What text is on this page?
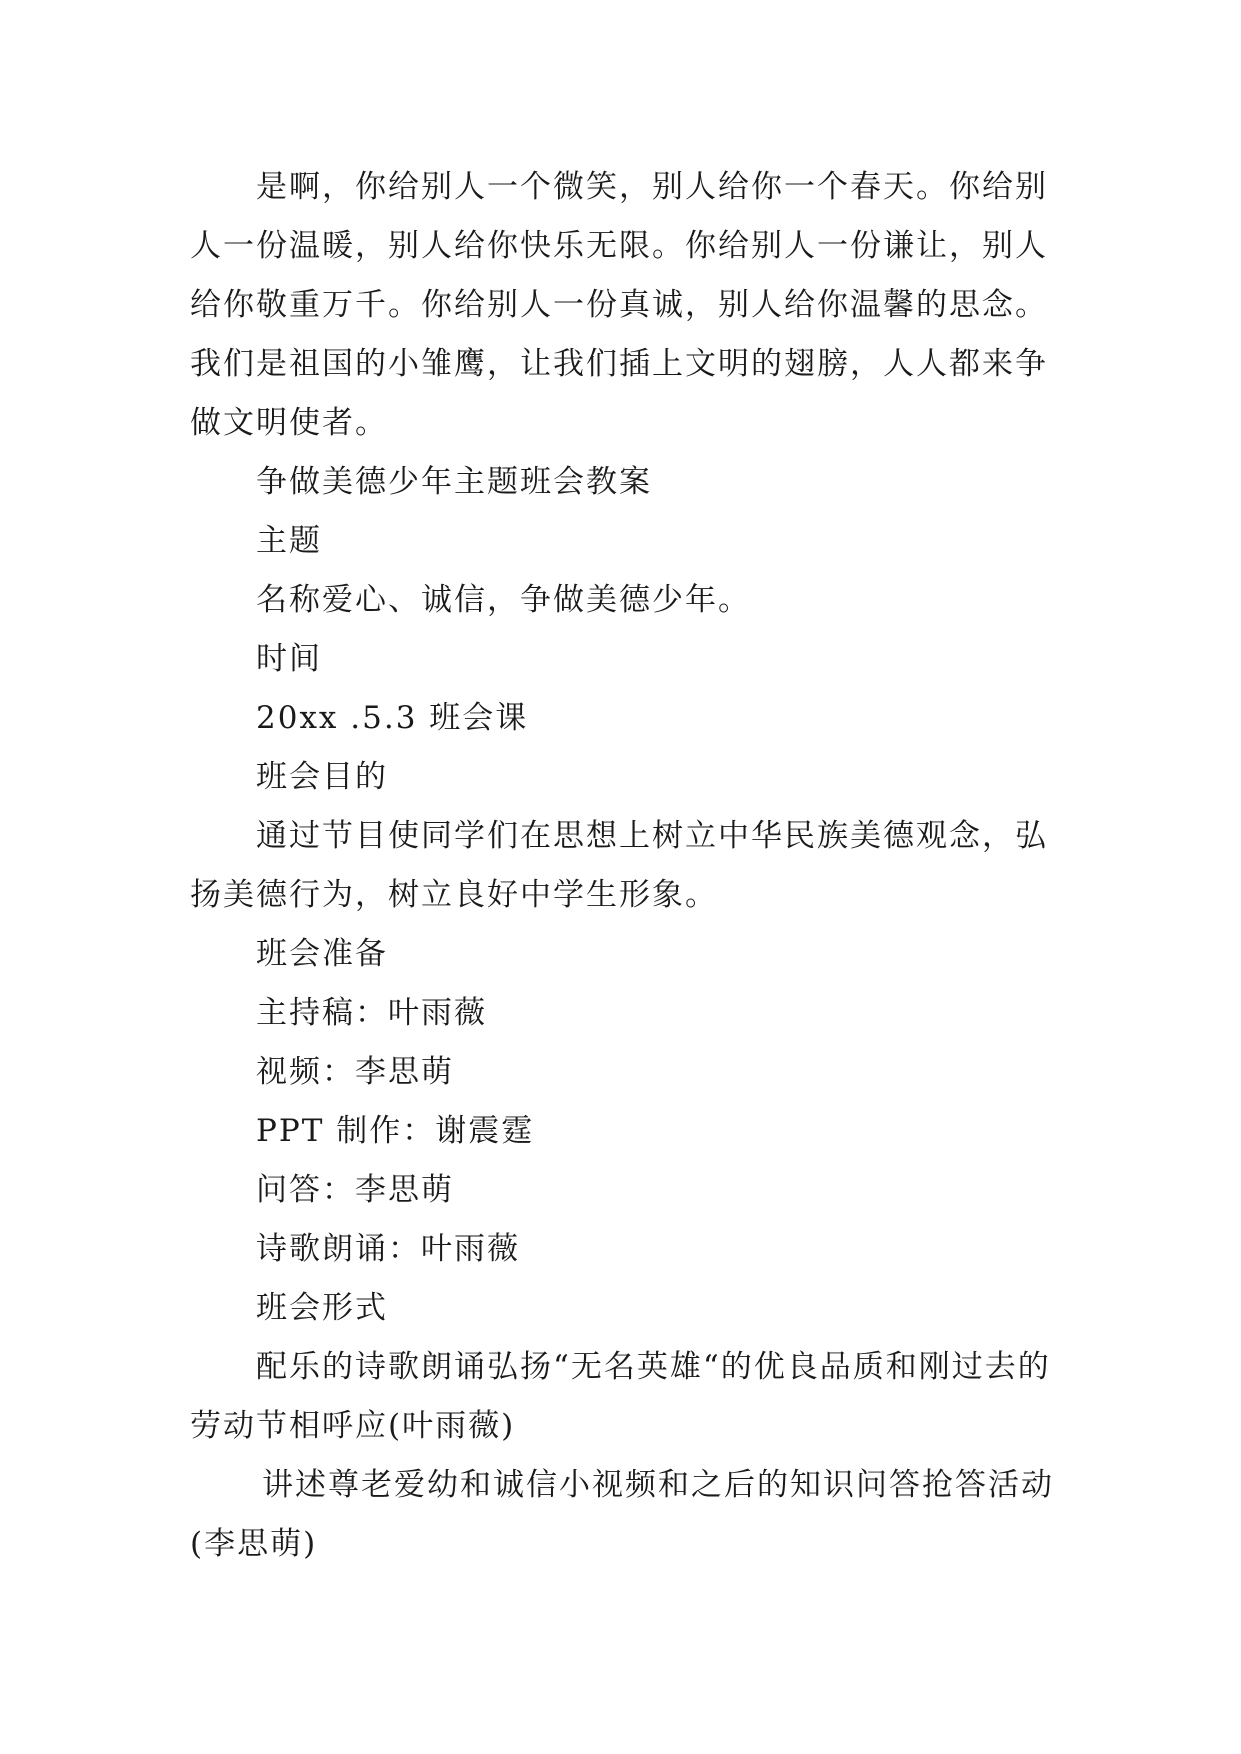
是啊，你给别人一个微笑，别人给你一个春天。你给别人一份温暖，别人给你快乐无限。你给别人一份谦让，别人给你敬重万千。你给别人一份真诚，别人给你温馨的思念。我们是祖国的小雏鹰，让我们插上文明的翅膀，人人都来争做文明使者。

争做美德少年主题班会教案

主题

名称爱心、诚信，争做美德少年。

时间

20xx .5.3 班会课

班会目的

通过节目使同学们在思想上树立中华民族美德观念，弘扬美德行为，树立良好中学生形象。

班会准备

主持稿：叶雨薇

视频：李思萌

PPT 制作：谢震霆

问答：李思萌

诗歌朗诵：叶雨薇

班会形式

配乐的诗歌朗诵弘扬“无名英雄“的优良品质和刚过去的劳动节相呼应(叶雨薇)

讲述尊老爱幼和诚信小视频和之后的知识问答抢答活动(李思萌)
